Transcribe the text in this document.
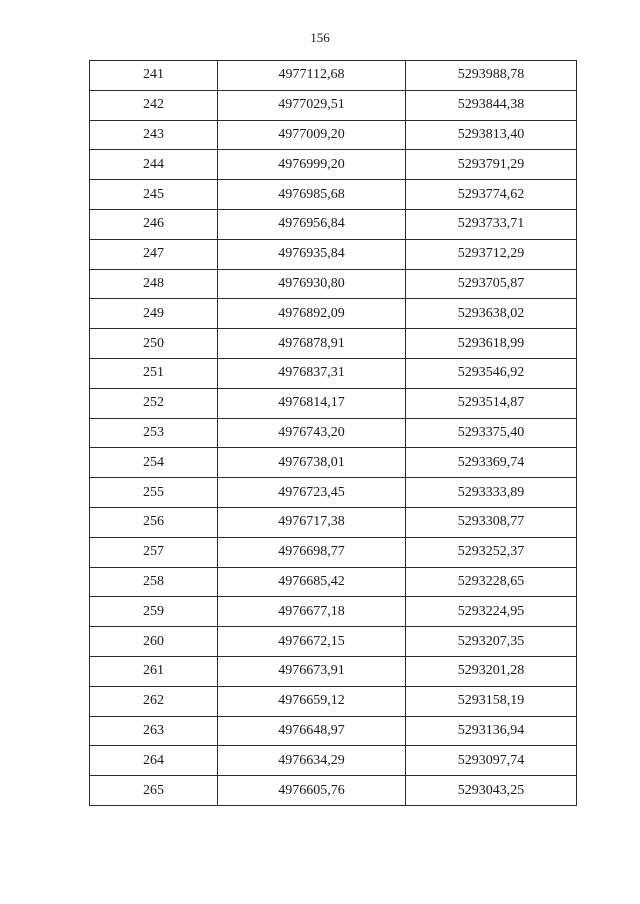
156
241	4977112,68	5293988,78
242	4977029,51	5293844,38
243	4977009,20	5293813,40
244	4976999,20	5293791,29
245	4976985,68	5293774,62
246	4976956,84	5293733,71
247	4976935,84	5293712,29
248	4976930,80	5293705,87
249	4976892,09	5293638,02
250	4976878,91	5293618,99
251	4976837,31	5293546,92
252	4976814,17	5293514,87
253	4976743,20	5293375,40
254	4976738,01	5293369,74
255	4976723,45	5293333,89
256	4976717,38	5293308,77
257	4976698,77	5293252,37
258	4976685,42	5293228,65
259	4976677,18	5293224,95
260	4976672,15	5293207,35
261	4976673,91	5293201,28
262	4976659,12	5293158,19
263	4976648,97	5293136,94
264	4976634,29	5293097,74
265	4976605,76	5293043,25
